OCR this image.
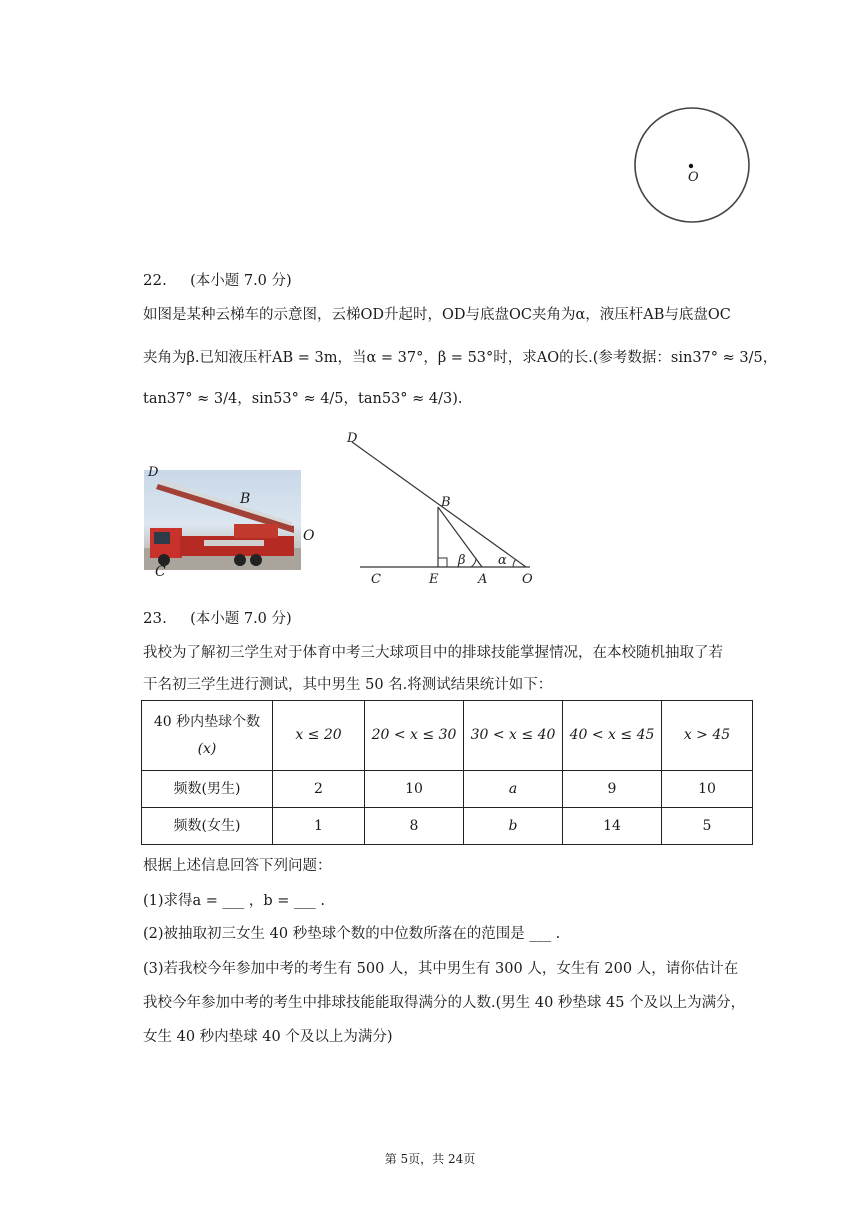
O
22. (本小题 7.0 分)
如图是某种云梯车的示意图，云梯OD升起时，OD与底盘OC夹角为α，液压杆AB与底盘OC
夹角为β.已知液压杆AB = 3m，当α = 37°，β = 53°时，求AO的长.(参考数据：sin37° ≈ 3/5，
tan37° ≈ 3/4，sin53° ≈ 4/5，tan53° ≈ 4/3).
D
B
O
C
D
B
C	E	A	O
β α
23. (本小题 7.0 分)
我校为了解初三学生对于体育中考三大球项目中的排球技能掌握情况，在本校随机抽取了若
干名初三学生进行测试，其中男生 50 名.将测试结果统计如下：
40 秒内垫球个数
(x)	x ≤ 20	20 < x ≤ 30	30 < x ≤ 40	40 < x ≤ 45	x > 45
频数(男生)	2	10	a	9	10
频数(女生)	1	8	b	14	5
根据上述信息回答下列问题：
(1)求得a = ___ ，b = ___ .
(2)被抽取初三女生 40 秒垫球个数的中位数所落在的范围是 ___ .
(3)若我校今年参加中考的考生有 500 人，其中男生有 300 人，女生有 200 人，请你估计在
我校今年参加中考的考生中排球技能能取得满分的人数.(男生 40 秒垫球 45 个及以上为满分，
女生 40 秒内垫球 40 个及以上为满分)
第 5页，共 24页
